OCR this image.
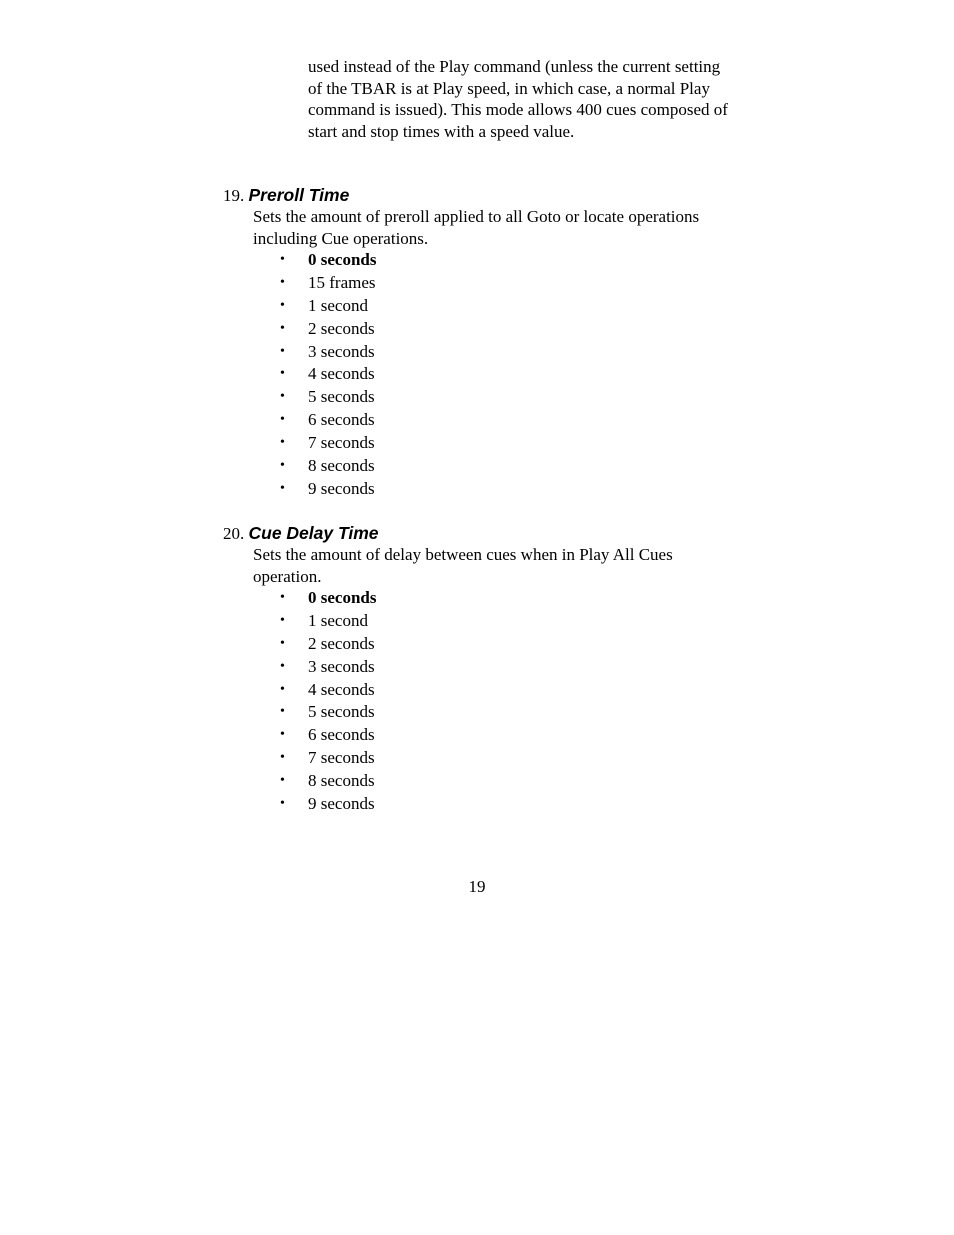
used instead of the Play command (unless the current setting of the TBAR is at Play speed, in which case, a normal Play command is issued). This mode allows 400 cues composed of start and stop times with a speed value.

19. Preroll Time

Sets the amount of preroll applied to all Goto or locate operations including Cue operations.

• 0 seconds
• 15 frames
• 1 second
• 2 seconds
• 3 seconds
• 4 seconds
• 5 seconds
• 6 seconds
• 7 seconds
• 8 seconds
• 9 seconds

20. Cue Delay Time

Sets the amount of delay between cues when in Play All Cues operation.

• 0 seconds
• 1 second
• 2 seconds
• 3 seconds
• 4 seconds
• 5 seconds
• 6 seconds
• 7 seconds
• 8 seconds
• 9 seconds

19
